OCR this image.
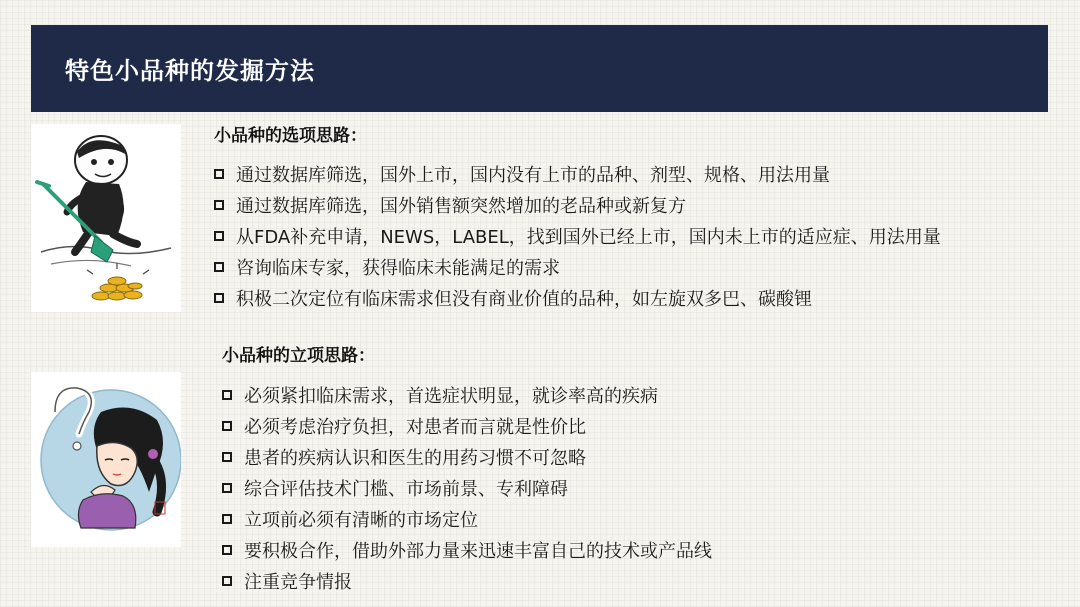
特色小品种的发掘方法
小品种的选项思路：
通过数据库筛选，国外上市，国内没有上市的品种、剂型、规格、用法用量
通过数据库筛选，国外销售额突然增加的老品种或新复方
从FDA补充申请，NEWS，LABEL，找到国外已经上市，国内未上市的适应症、用法用量
咨询临床专家，获得临床未能满足的需求
积极二次定位有临床需求但没有商业价值的品种，如左旋双多巴、碳酸锂
小品种的立项思路：
必须紧扣临床需求，首选症状明显，就诊率高的疾病
必须考虑治疗负担，对患者而言就是性价比
患者的疾病认识和医生的用药习惯不可忽略
综合评估技术门槛、市场前景、专利障碍
立项前必须有清晰的市场定位
要积极合作，借助外部力量来迅速丰富自己的技术或产品线
注重竞争情报
